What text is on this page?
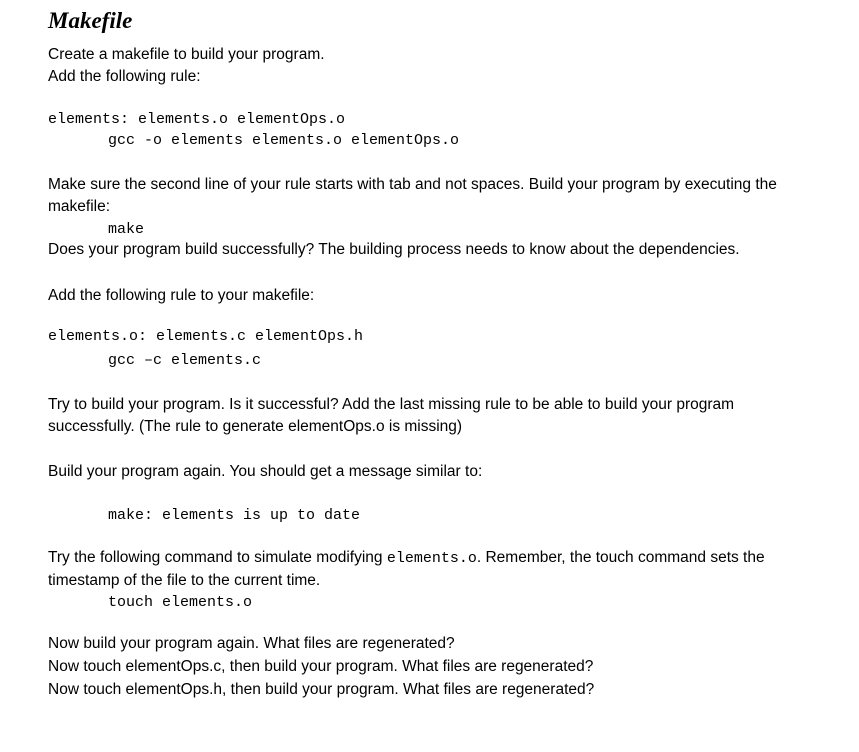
Makefile

Create a makefile to build your program.

Add the following rule:

elements: elements.o elementOps.o
gcc -o elements elements.o elementOps.o

Make sure the second line of your rule starts with tab and not spaces. Build your program by executing the makefile:

make

Does your program build successfully? The building process needs to know about the dependencies.

Add the following rule to your makefile:

elements.o: elements.c elementOps.h
gcc –c elements.c

Try to build your program. Is it successful? Add the last missing rule to be able to build your program successfully. (The rule to generate elementOps.o is missing)

Build your program again. You should get a message similar to:

make: elements is up to date

Try the following command to simulate modifying elements.o. Remember, the touch command sets the timestamp of the file to the current time.

touch elements.o

Now build your program again. What files are regenerated?

Now touch elementOps.c, then build your program. What files are regenerated?

Now touch elementOps.h, then build your program. What files are regenerated?
